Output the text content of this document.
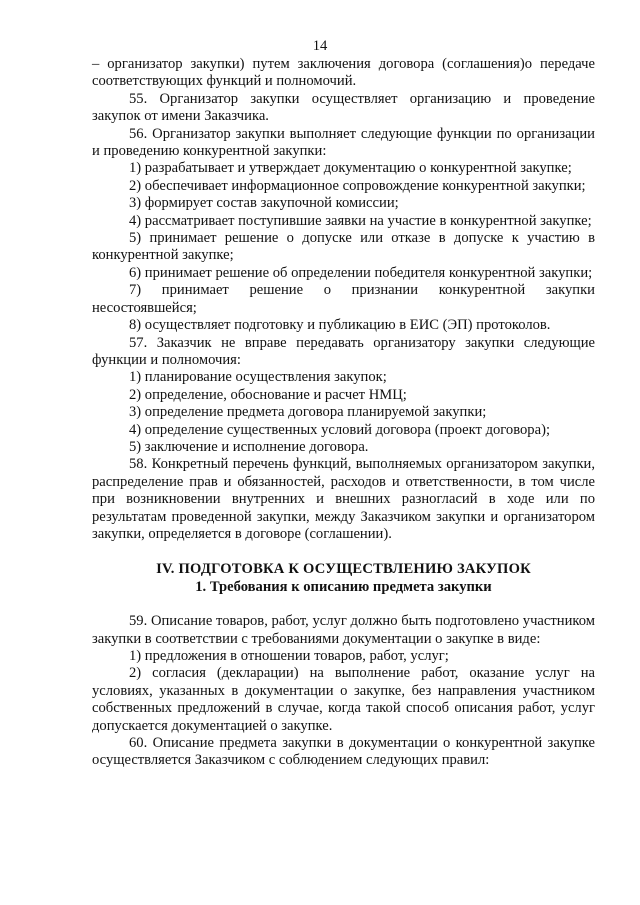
14

– организатор закупки) путем заключения договора (соглашения)о передаче

соответствующих функций и полномочий.

55. Организатор закупки осуществляет организацию и проведение закупок от имени Заказчика.

56. Организатор закупки выполняет следующие функции по организации и проведению конкурентной закупки:

1) разрабатывает и утверждает документацию о конкурентной закупке;

2) обеспечивает информационное сопровождение конкурентной закупки;

3) формирует состав закупочной комиссии;

4) рассматривает поступившие заявки на участие в конкурентной закупке;

5) принимает решение о допуске или отказе в допуске к участию в конкурентной закупке;

6) принимает решение об определении победителя конкурентной закупки;

7) принимает решение о признании конкурентной закупки несостоявшейся;

8) осуществляет подготовку и публикацию в ЕИС (ЭП) протоколов.

57. Заказчик не вправе передавать организатору закупки следующие функции и полномочия:

1) планирование осуществления закупок;

2) определение, обоснование и расчет НМЦ;

3) определение предмета договора планируемой закупки;

4) определение существенных условий договора (проект договора);

5) заключение и исполнение договора.

58. Конкретный перечень функций, выполняемых организатором закупки, распределение прав и обязанностей, расходов и ответственности, в том числе при возникновении внутренних и внешних разногласий в ходе или по результатам проведенной закупки, между Заказчиком закупки и организатором закупки, определяется в договоре (соглашении).

IV. ПОДГОТОВКА К ОСУЩЕСТВЛЕНИЮ ЗАКУПОК

1. Требования к описанию предмета закупки

59. Описание товаров, работ, услуг должно быть подготовлено участником закупки в соответствии с требованиями документации о закупке в виде:

1) предложения в отношении товаров, работ, услуг;

2) согласия (декларации) на выполнение работ, оказание услуг на условиях, указанных в документации о закупке, без направления участником собственных предложений в случае, когда такой способ описания работ, услуг допускается документацией о закупке.

60. Описание предмета закупки в документации о конкурентной закупке осуществляется Заказчиком с соблюдением следующих правил:
